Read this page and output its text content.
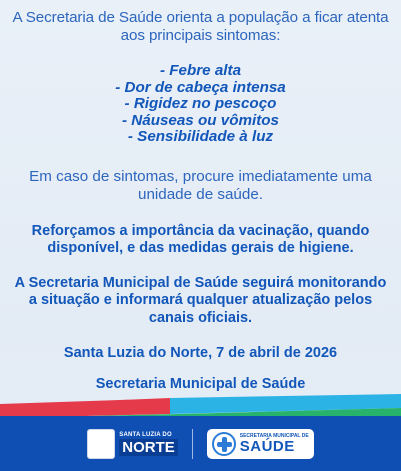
A Secretaria de Saúde orienta a população a ficar atenta aos principais sintomas:

- Febre alta
- Dor de cabeça intensa
- Rigidez no pescoço
- Náuseas ou vômitos
- Sensibilidade à luz

Em caso de sintomas, procure imediatamente uma unidade de saúde.

Reforçamos a importância da vacinação, quando disponível, e das medidas gerais de higiene.

A Secretaria Municipal de Saúde seguirá monitorando a situação e informará qualquer atualização pelos canais oficiais.

Santa Luzia do Norte, 7 de abril de 2026

Secretaria Municipal de Saúde

SANTA LUZIA DO
NORTE
SECRETARIA MUNICIPAL DE
SAÚDE
